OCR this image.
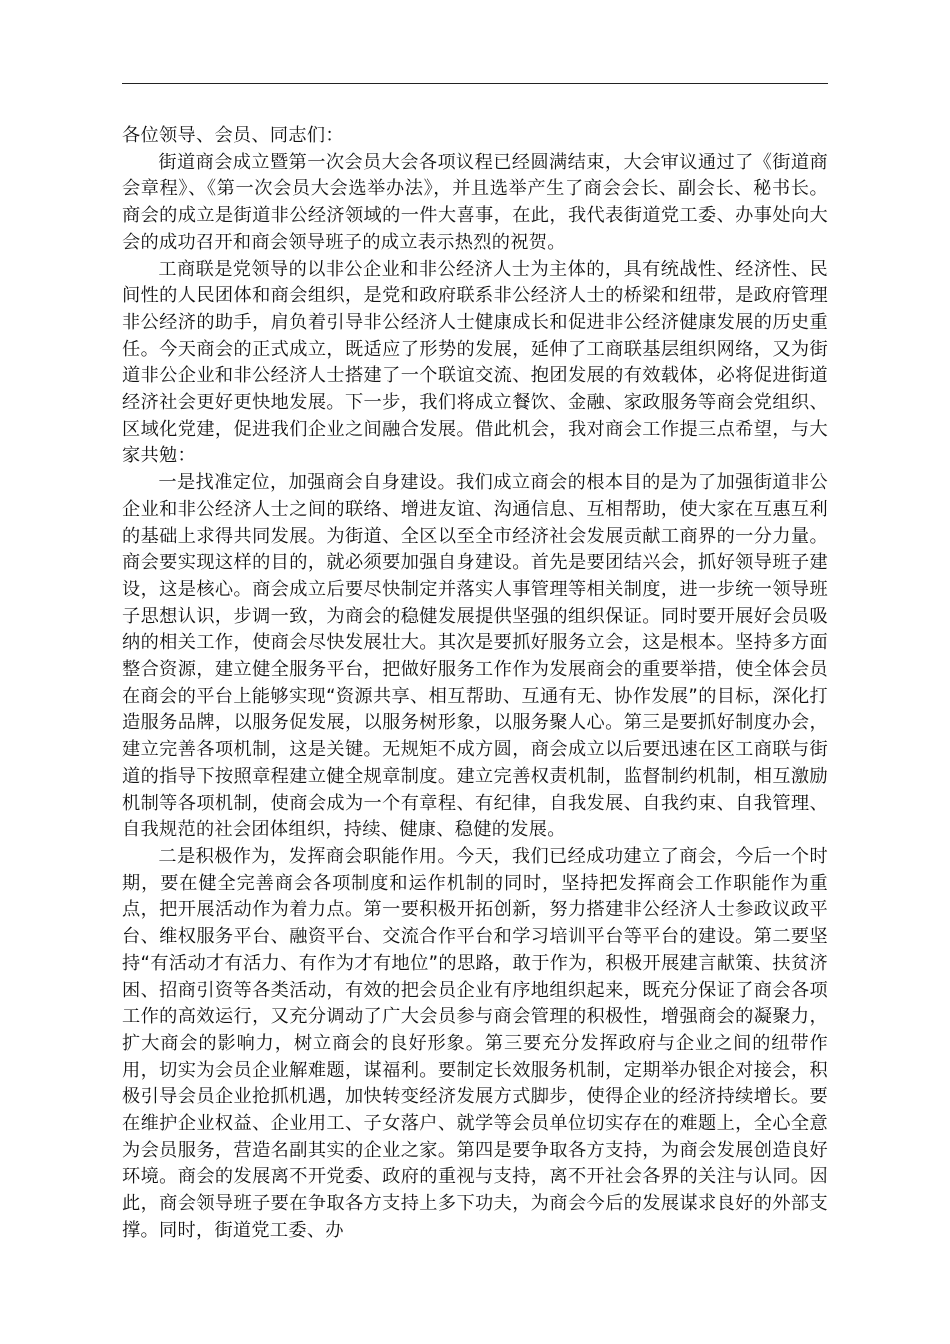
各位领导、会员、同志们：

街道商会成立暨第一次会员大会各项议程已经圆满结束，大会审议通过了《街道商会章程》、《第一次会员大会选举办法》，并且选举产生了商会会长、副会长、秘书长。商会的成立是街道非公经济领域的一件大喜事，在此，我代表街道党工委、办事处向大会的成功召开和商会领导班子的成立表示热烈的祝贺。

工商联是党领导的以非公企业和非公经济人士为主体的，具有统战性、经济性、民间性的人民团体和商会组织，是党和政府联系非公经济人士的桥梁和纽带，是政府管理非公经济的助手，肩负着引导非公经济人士健康成长和促进非公经济健康发展的历史重任。今天商会的正式成立，既适应了形势的发展，延伸了工商联基层组织网络，又为街道非公企业和非公经济人士搭建了一个联谊交流、抱团发展的有效载体，必将促进街道经济社会更好更快地发展。下一步，我们将成立餐饮、金融、家政服务等商会党组织、区域化党建，促进我们企业之间融合发展。借此机会，我对商会工作提三点希望，与大家共勉：

一是找准定位，加强商会自身建设。我们成立商会的根本目的是为了加强街道非公企业和非公经济人士之间的联络、增进友谊、沟通信息、互相帮助，使大家在互惠互利的基础上求得共同发展。为街道、全区以至全市经济社会发展贡献工商界的一分力量。商会要实现这样的目的，就必须要加强自身建设。首先是要团结兴会，抓好领导班子建设，这是核心。商会成立后要尽快制定并落实人事管理等相关制度，进一步统一领导班子思想认识，步调一致，为商会的稳健发展提供坚强的组织保证。同时要开展好会员吸纳的相关工作，使商会尽快发展壮大。其次是要抓好服务立会，这是根本。坚持多方面整合资源，建立健全服务平台，把做好服务工作作为发展商会的重要举措，使全体会员在商会的平台上能够实现“资源共享、相互帮助、互通有无、协作发展”的目标，深化打造服务品牌，以服务促发展，以服务树形象，以服务聚人心。第三是要抓好制度办会，建立完善各项机制，这是关键。无规矩不成方圆，商会成立以后要迅速在区工商联与街道的指导下按照章程建立健全规章制度。建立完善权责机制，监督制约机制，相互激励机制等各项机制，使商会成为一个有章程、有纪律，自我发展、自我约束、自我管理、自我规范的社会团体组织，持续、健康、稳健的发展。

二是积极作为，发挥商会职能作用。今天，我们已经成功建立了商会，今后一个时期，要在健全完善商会各项制度和运作机制的同时，坚持把发挥商会工作职能作为重点，把开展活动作为着力点。第一要积极开拓创新，努力搭建非公经济人士参政议政平台、维权服务平台、融资平台、交流合作平台和学习培训平台等平台的建设。第二要坚持“有活动才有活力、有作为才有地位”的思路，敢于作为，积极开展建言献策、扶贫济困、招商引资等各类活动，有效的把会员企业有序地组织起来，既充分保证了商会各项工作的高效运行，又充分调动了广大会员参与商会管理的积极性，增强商会的凝聚力，扩大商会的影响力，树立商会的良好形象。第三要充分发挥政府与企业之间的纽带作用，切实为会员企业解难题，谋福利。要制定长效服务机制，定期举办银企对接会，积极引导会员企业抢抓机遇，加快转变经济发展方式脚步，使得企业的经济持续增长。要在维护企业权益、企业用工、子女落户、就学等会员单位切实存在的难题上，全心全意为会员服务，营造名副其实的企业之家。第四是要争取各方支持，为商会发展创造良好环境。商会的发展离不开党委、政府的重视与支持，离不开社会各界的关注与认同。因此，商会领导班子要在争取各方支持上多下功夫，为商会今后的发展谋求良好的外部支撑。同时，街道党工委、办
